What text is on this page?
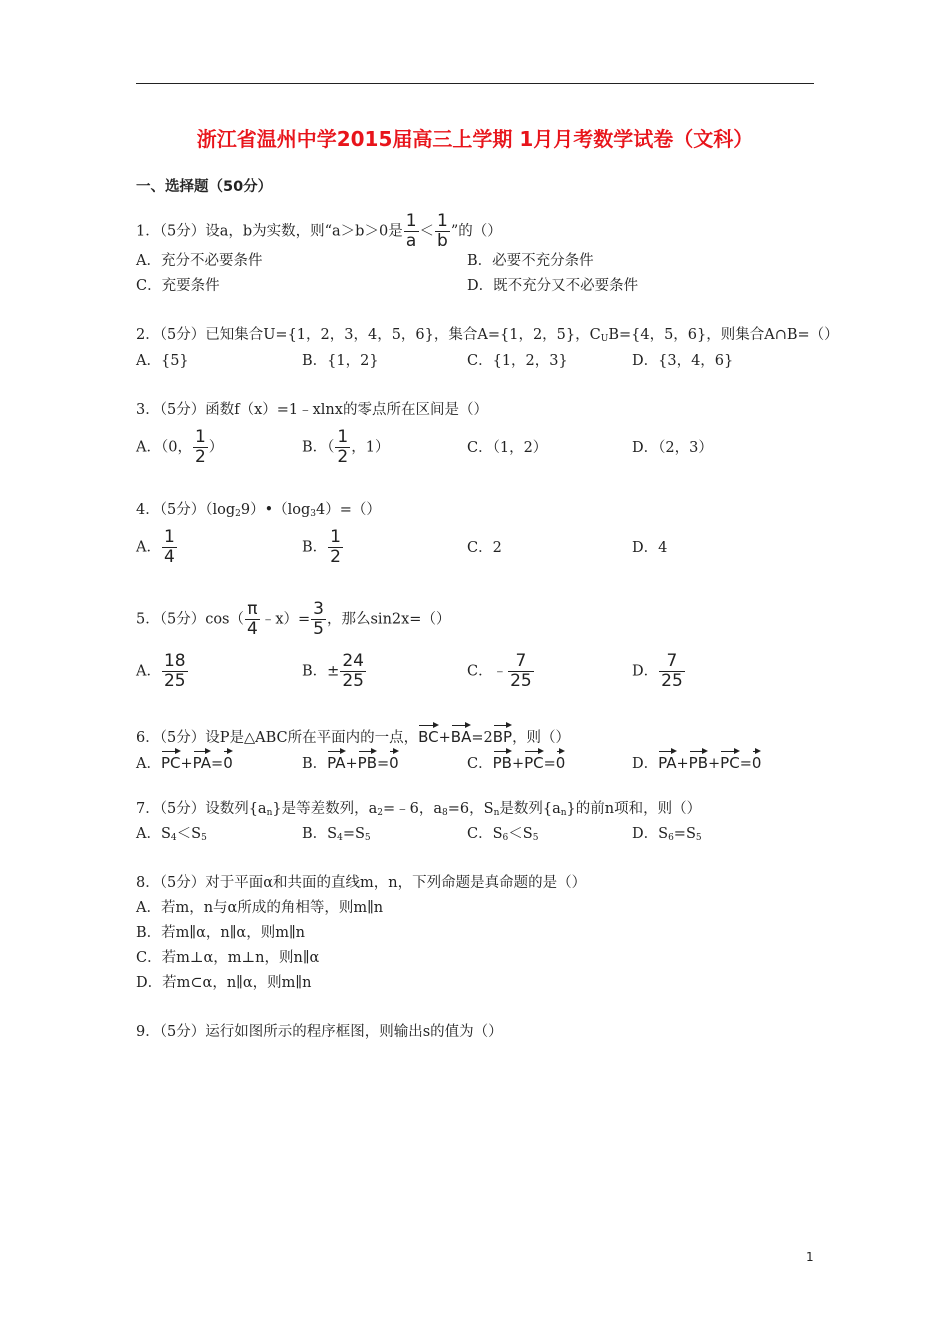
浙江省温州中学2015届高三上学期 1月月考数学试卷（文科）
一、选择题（50分）
1．（5分）设a，b为实数，则“a＞b＞0是 $\frac{1}{a} < \frac{1}{b}$ ”的（）
A．充分不必要条件	B．必要不充分条件
C．充要条件	D．既不充分又不必要条件
2．（5分）已知集合U={1，2，3，4，5，6}，集合A={1，2，5}，$C_UB=\{4$，5，6}，则集合A∩B=（）
A．{5}	B．{1，2}	C．{1，2，3}	D．{3，4，6}
3．（5分）函数f（x）=1﹣xlnx的零点所在区间是（）
A．（0， $\frac{1}{2}$ ）	B．（ $\frac{1}{2}$ ，1）	C．（1，2）	D．（2，3）
4．（5分）$(\log_29)•(\log_34)=()$
A． $\frac{1}{4}$	B． $\frac{1}{2}$	C．2	D．4
5．（5分）$\cos( \frac{\pi}{4}$ ﹣x）= $\frac{3}{5}$ ，那么sin2x=（）
A． $\frac{18}{25}$	B．± $\frac{24}{25}$	C．﹣ $\frac{7}{25}$	D． $\frac{7}{25}$
6．（5分）设P是△ABC所在平面内的一点，BC+BA=2BP，则（）
A．PC+PA=0	B．PA+PB=0	C．PB+PC=0	D．PA+PB+PC=0
7．（5分）设数列$\{a_n\}$是等差数列，$a_2=﹣6$，$a_8=6$，$S_n$是数列$\{a_n\}$的前n项和，则（）
A．$S_4<S_5$	B．$S_4=S_5$	C．$S_6<S_5$	D．$S_6=S_5$
8．（5分）对于平面α和共面的直线m，n，下列命题是真命题的是（）
A．若m，n与α所成的角相等，则m∥n
B．若m∥α，n∥α，则m∥n
C．若m⊥α，m⊥n，则n∥α
D．若m⊂α，n∥α，则m∥n
9．（5分）运行如图所示的程序框图，则输出s的值为（）
1
